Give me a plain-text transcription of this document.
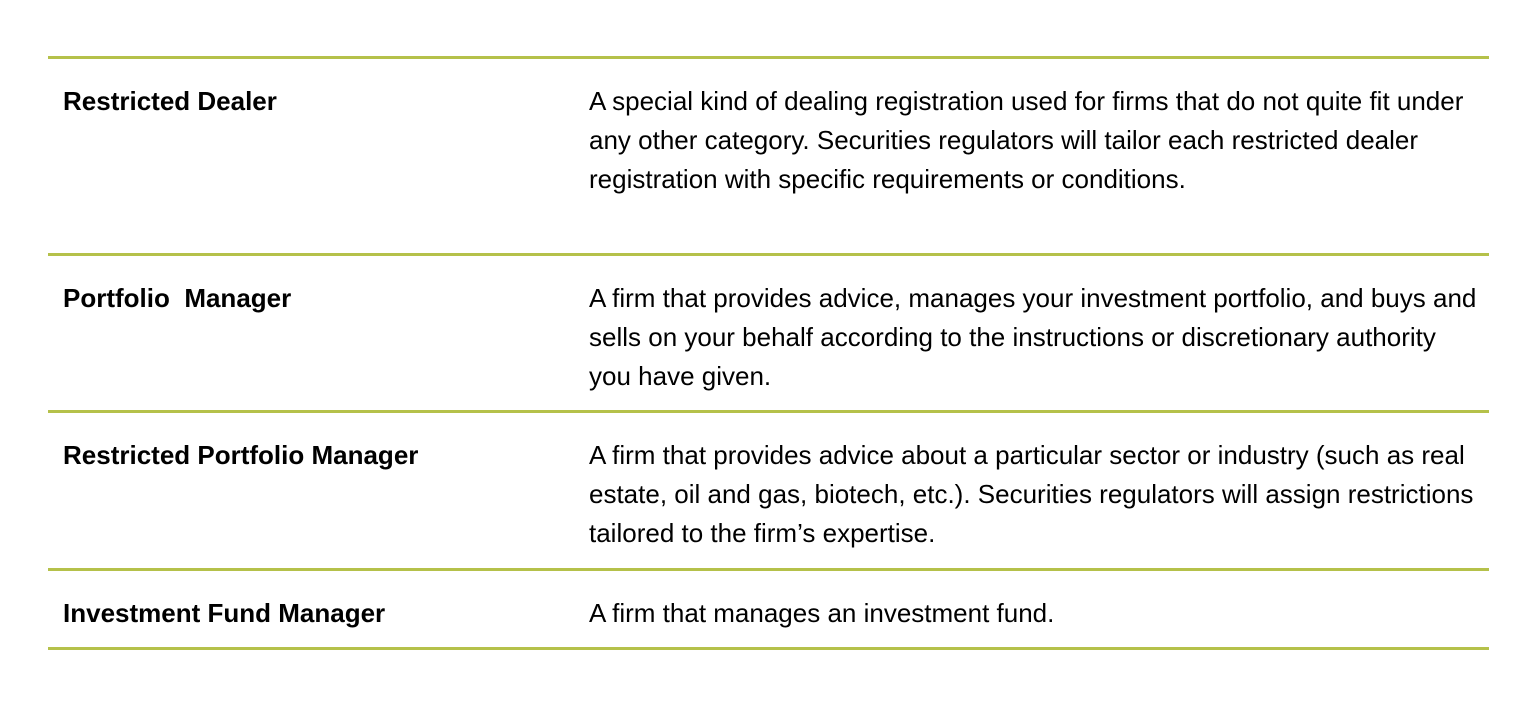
Restricted Dealer	A special kind of dealing registration used for firms that do not quite fit under any other category. Securities regulators will tailor each restricted dealer registration with specific requirements or conditions.
Portfolio  Manager	A firm that provides advice, manages your investment portfolio, and buys and sells on your behalf according to the instructions or discretionary authority you have given.
Restricted Portfolio Manager	A firm that provides advice about a particular sector or industry (such as real estate, oil and gas, biotech, etc.). Securities regulators will assign restrictions tailored to the firm’s expertise.
Investment Fund Manager	A firm that manages an investment fund.
